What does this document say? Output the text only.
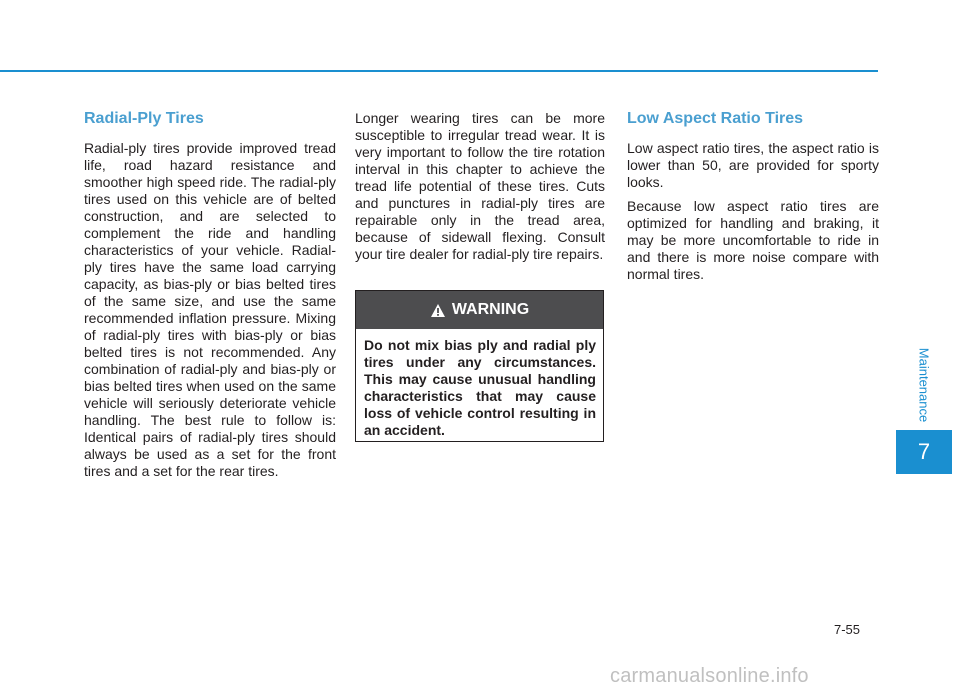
Radial-Ply Tires

Radial-ply tires provide improved tread life, road hazard resistance and smoother high speed ride. The radial-ply tires used on this vehicle are of belted construction, and are selected to complement the ride and handling characteristics of your vehicle. Radial-ply tires have the same load carrying capacity, as bias-ply or bias belted tires of the same size, and use the same recommended inflation pressure. Mixing of radial-ply tires with bias-ply or bias belted tires is not recommended. Any combination of radial-ply and bias-ply or bias belted tires when used on the same vehicle will seriously deteriorate vehicle handling. The best rule to follow is: Identical pairs of radial-ply tires should always be used as a set for the front tires and a set for the rear tires.

Longer wearing tires can be more susceptible to irregular tread wear. It is very important to follow the tire rotation interval in this chapter to achieve the tread life potential of these tires. Cuts and punctures in radial-ply tires are repairable only in the tread area, because of sidewall flexing. Consult your tire dealer for radial-ply tire repairs.

WARNING
Do not mix bias ply and radial ply tires under any circumstances. This may cause unusual handling characteristics that may cause loss of vehicle control resulting in an accident.
Low Aspect Ratio Tires

Low aspect ratio tires, the aspect ratio is lower than 50, are provided for sporty looks.

Because low aspect ratio tires are optimized for handling and braking, it may be more uncomfortable to ride in and there is more noise compare with normal tires.

Maintenance
7
7-55
carmanualsonline.info
